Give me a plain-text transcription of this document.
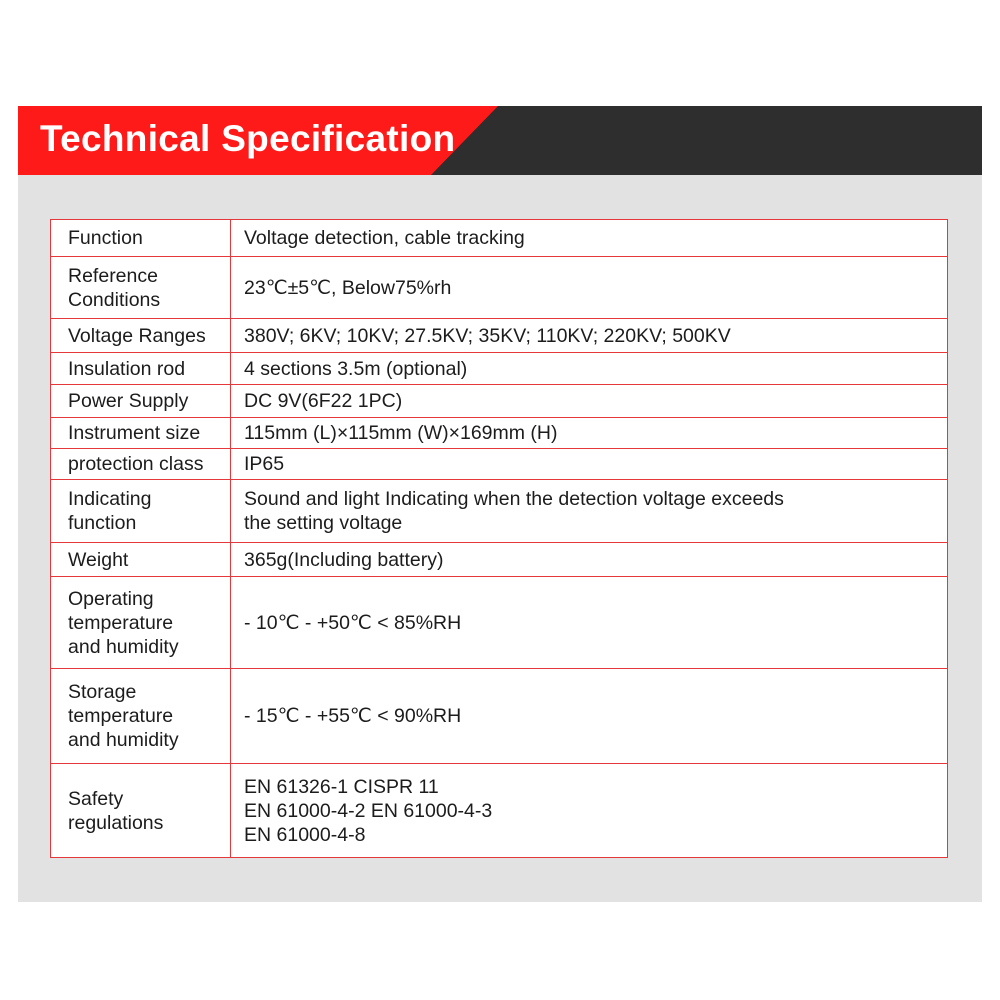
Technical Specification
Function	Voltage detection, cable tracking
Reference
Conditions	23℃±5℃, Below75%rh
Voltage Ranges	380V; 6KV; 10KV; 27.5KV; 35KV; 110KV; 220KV; 500KV
Insulation rod	4 sections 3.5m (optional)
Power Supply	DC 9V(6F22 1PC)
Instrument size	115mm (L)×115mm (W)×169mm (H)
protection class	IP65
Indicating
function	Sound and light Indicating when the detection voltage exceeds
the setting voltage
Weight	365g(Including battery)
Operating
temperature
and humidity	- 10℃ - +50℃ < 85%RH
Storage
temperature
and humidity	- 15℃ - +55℃ < 90%RH
Safety
regulations	EN 61326-1 CISPR 11
EN 61000-4-2 EN 61000-4-3
EN 61000-4-8
